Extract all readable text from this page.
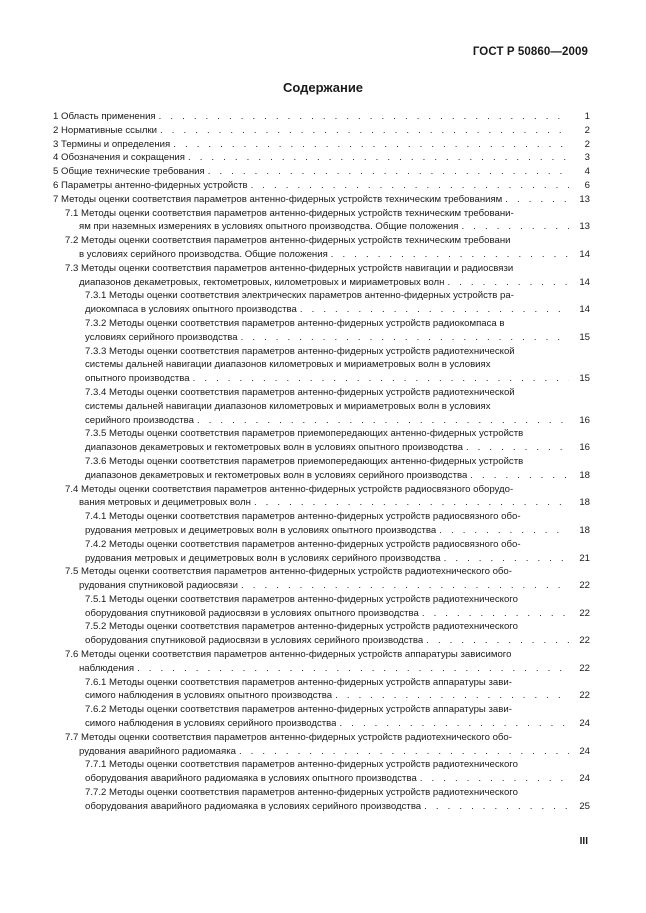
ГОСТ Р 50860—2009
Содержание
1 Область применения . . .	1
2 Нормативные ссылки . . .	2
3 Термины и определения . . .	2
4 Обозначения и сокращения . . .	3
5 Общие технические требования . . .	4
6 Параметры антенно-фидерных устройств . . .	6
7 Методы оценки соответствия параметров антенно-фидерных устройств техническим требованиям . . .	13
7.1 Методы оценки соответствия параметров антенно-фидерных устройств техническим требовани-
ям при наземных измерениях в условиях опытного производства. Общие положения . . .	13
7.2 Методы оценки соответствия параметров антенно-фидерных устройств техническим требовани
в условиях серийного производства. Общие положения . . .	14
7.3 Методы оценки соответствия параметров антенно-фидерных устройств навигации и радиосвязи
диапазонов декаметровых, гектометровых, километровых и мириаметровых волн . . .	14
7.3.1 Методы оценки соответствия электрических параметров антенно-фидерных устройств ра-
диокомпаса в условиях опытного производства . . .	14
7.3.2 Методы оценки соответствия параметров антенно-фидерных устройств радиокомпаса в
условиях серийного производства . . .	15
7.3.3 Методы оценки соответствия параметров антенно-фидерных устройств радиотехнической
системы дальней навигации диапазонов километровых и мириаметровых волн в условиях
опытного производства . . .	15
7.3.4 Методы оценки соответствия параметров антенно-фидерных устройств радиотехнической
системы дальней навигации диапазонов километровых и мириаметровых волн в условиях
серийного производства . . .	16
7.3.5 Методы оценки соответствия параметров приемопередающих антенно-фидерных устройств
диапазонов декаметровых и гектометровых волн в условиях опытного производства . . .	16
7.3.6 Методы оценки соответствия параметров приемопередающих антенно-фидерных устройств
диапазонов декаметровых и гектометровых волн в условиях серийного производства . . .	18
7.4 Методы оценки соответствия параметров антенно-фидерных устройств радиосвязного оборудо-
вания метровых и дециметровых волн . . .	18
7.4.1 Методы оценки соответствия параметров антенно-фидерных устройств радиосвязного обо-
рудования метровых и дециметровых волн в условиях опытного производства . . .	18
7.4.2 Методы оценки соответствия параметров антенно-фидерных устройств радиосвязного обо-
рудования метровых и дециметровых волн в условиях серийного производства . . .	21
7.5 Методы оценки соответствия параметров антенно-фидерных устройств радиотехнического обо-
рудования спутниковой радиосвязи . . .	22
7.5.1 Методы оценки соответствия параметров антенно-фидерных устройств радиотехнического
оборудования спутниковой радиосвязи в условиях опытного производства . . .	22
7.5.2 Методы оценки соответствия параметров антенно-фидерных устройств радиотехнического
оборудования спутниковой радиосвязи в условиях серийного производства . . .	22
7.6 Методы оценки соответствия параметров антенно-фидерных устройств аппаратуры зависимого
наблюдения . . .	22
7.6.1 Методы оценки соответствия параметров антенно-фидерных устройств аппаратуры зави-
симого наблюдения в условиях опытного производства . . .	22
7.6.2 Методы оценки соответствия параметров антенно-фидерных устройств аппаратуры зави-
симого наблюдения в условиях серийного производства . . .	24
7.7 Методы оценки соответствия параметров антенно-фидерных устройств радиотехнического обо-
рудования аварийного радиомаяка . . .	24
7.7.1 Методы оценки соответствия параметров антенно-фидерных устройств радиотехнического
оборудования аварийного радиомаяка в условиях опытного производства . . .	24
7.7.2 Методы оценки соответствия параметров антенно-фидерных устройств радиотехнического
оборудования аварийного радиомаяка в условиях серийного производства . . .	25
III
